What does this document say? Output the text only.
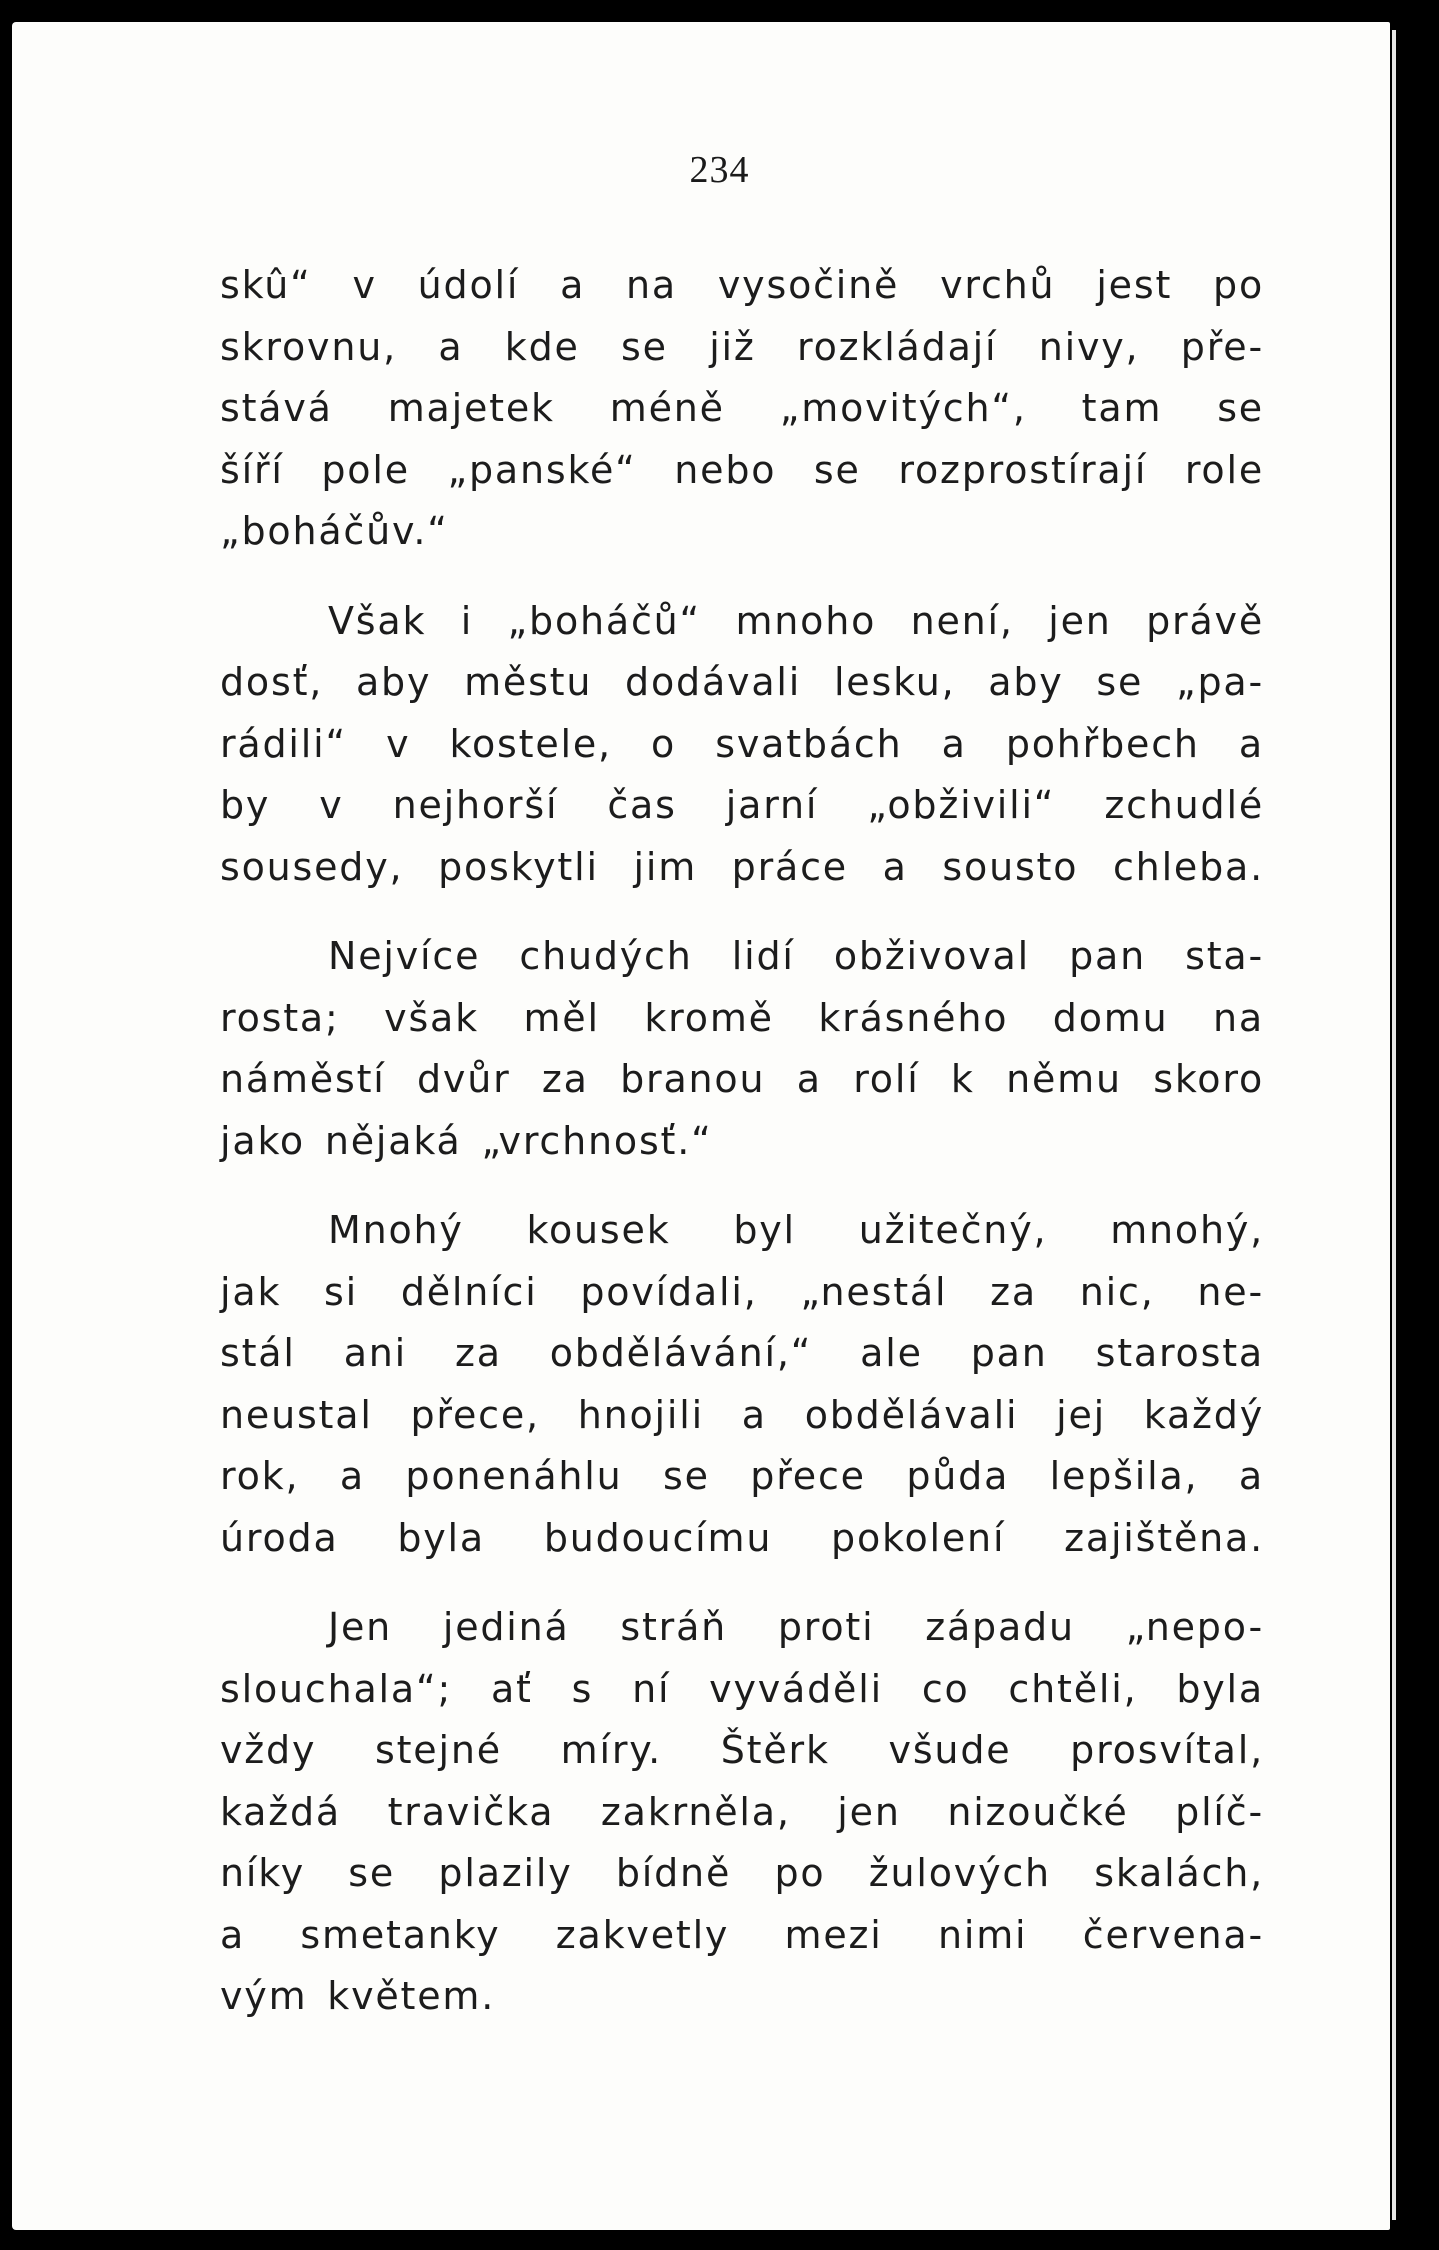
234
skû“ v údolí a na vysočině vrchů jest po
skrovnu, a kde se již rozkládají nivy, pře-
stává majetek méně „movitých“, tam se
šíří pole „panské“ nebo se rozprostírají role
„boháčův.“
Však i „boháčů“ mnoho není, jen právě
dosť, aby městu dodávali lesku, aby se „pa-
rádili“ v kostele, o svatbách a pohřbech a
by v nejhorší čas jarní „obživili“ zchudlé
sousedy, poskytli jim práce a sousto chleba.
Nejvíce chudých lidí obživoval pan sta-
rosta; však měl kromě krásného domu na
náměstí dvůr za branou a rolí k němu skoro
jako nějaká „vrchnosť.“
Mnohý kousek byl užitečný, mnohý,
jak si dělníci povídali, „nestál za nic, ne-
stál ani za obdělávání,“ ale pan starosta
neustal přece, hnojili a obdělávali jej každý
rok, a ponenáhlu se přece půda lepšila, a
úroda byla budoucímu pokolení zajištěna.
Jen jediná stráň proti západu „nepo-
slouchala“; ať s ní vyváděli co chtěli, byla
vždy stejné míry. Štěrk všude prosvítal,
každá travička zakrněla, jen nizoučké plíč-
níky se plazily bídně po žulových skalách,
a smetanky zakvetly mezi nimi červena-
vým květem.
